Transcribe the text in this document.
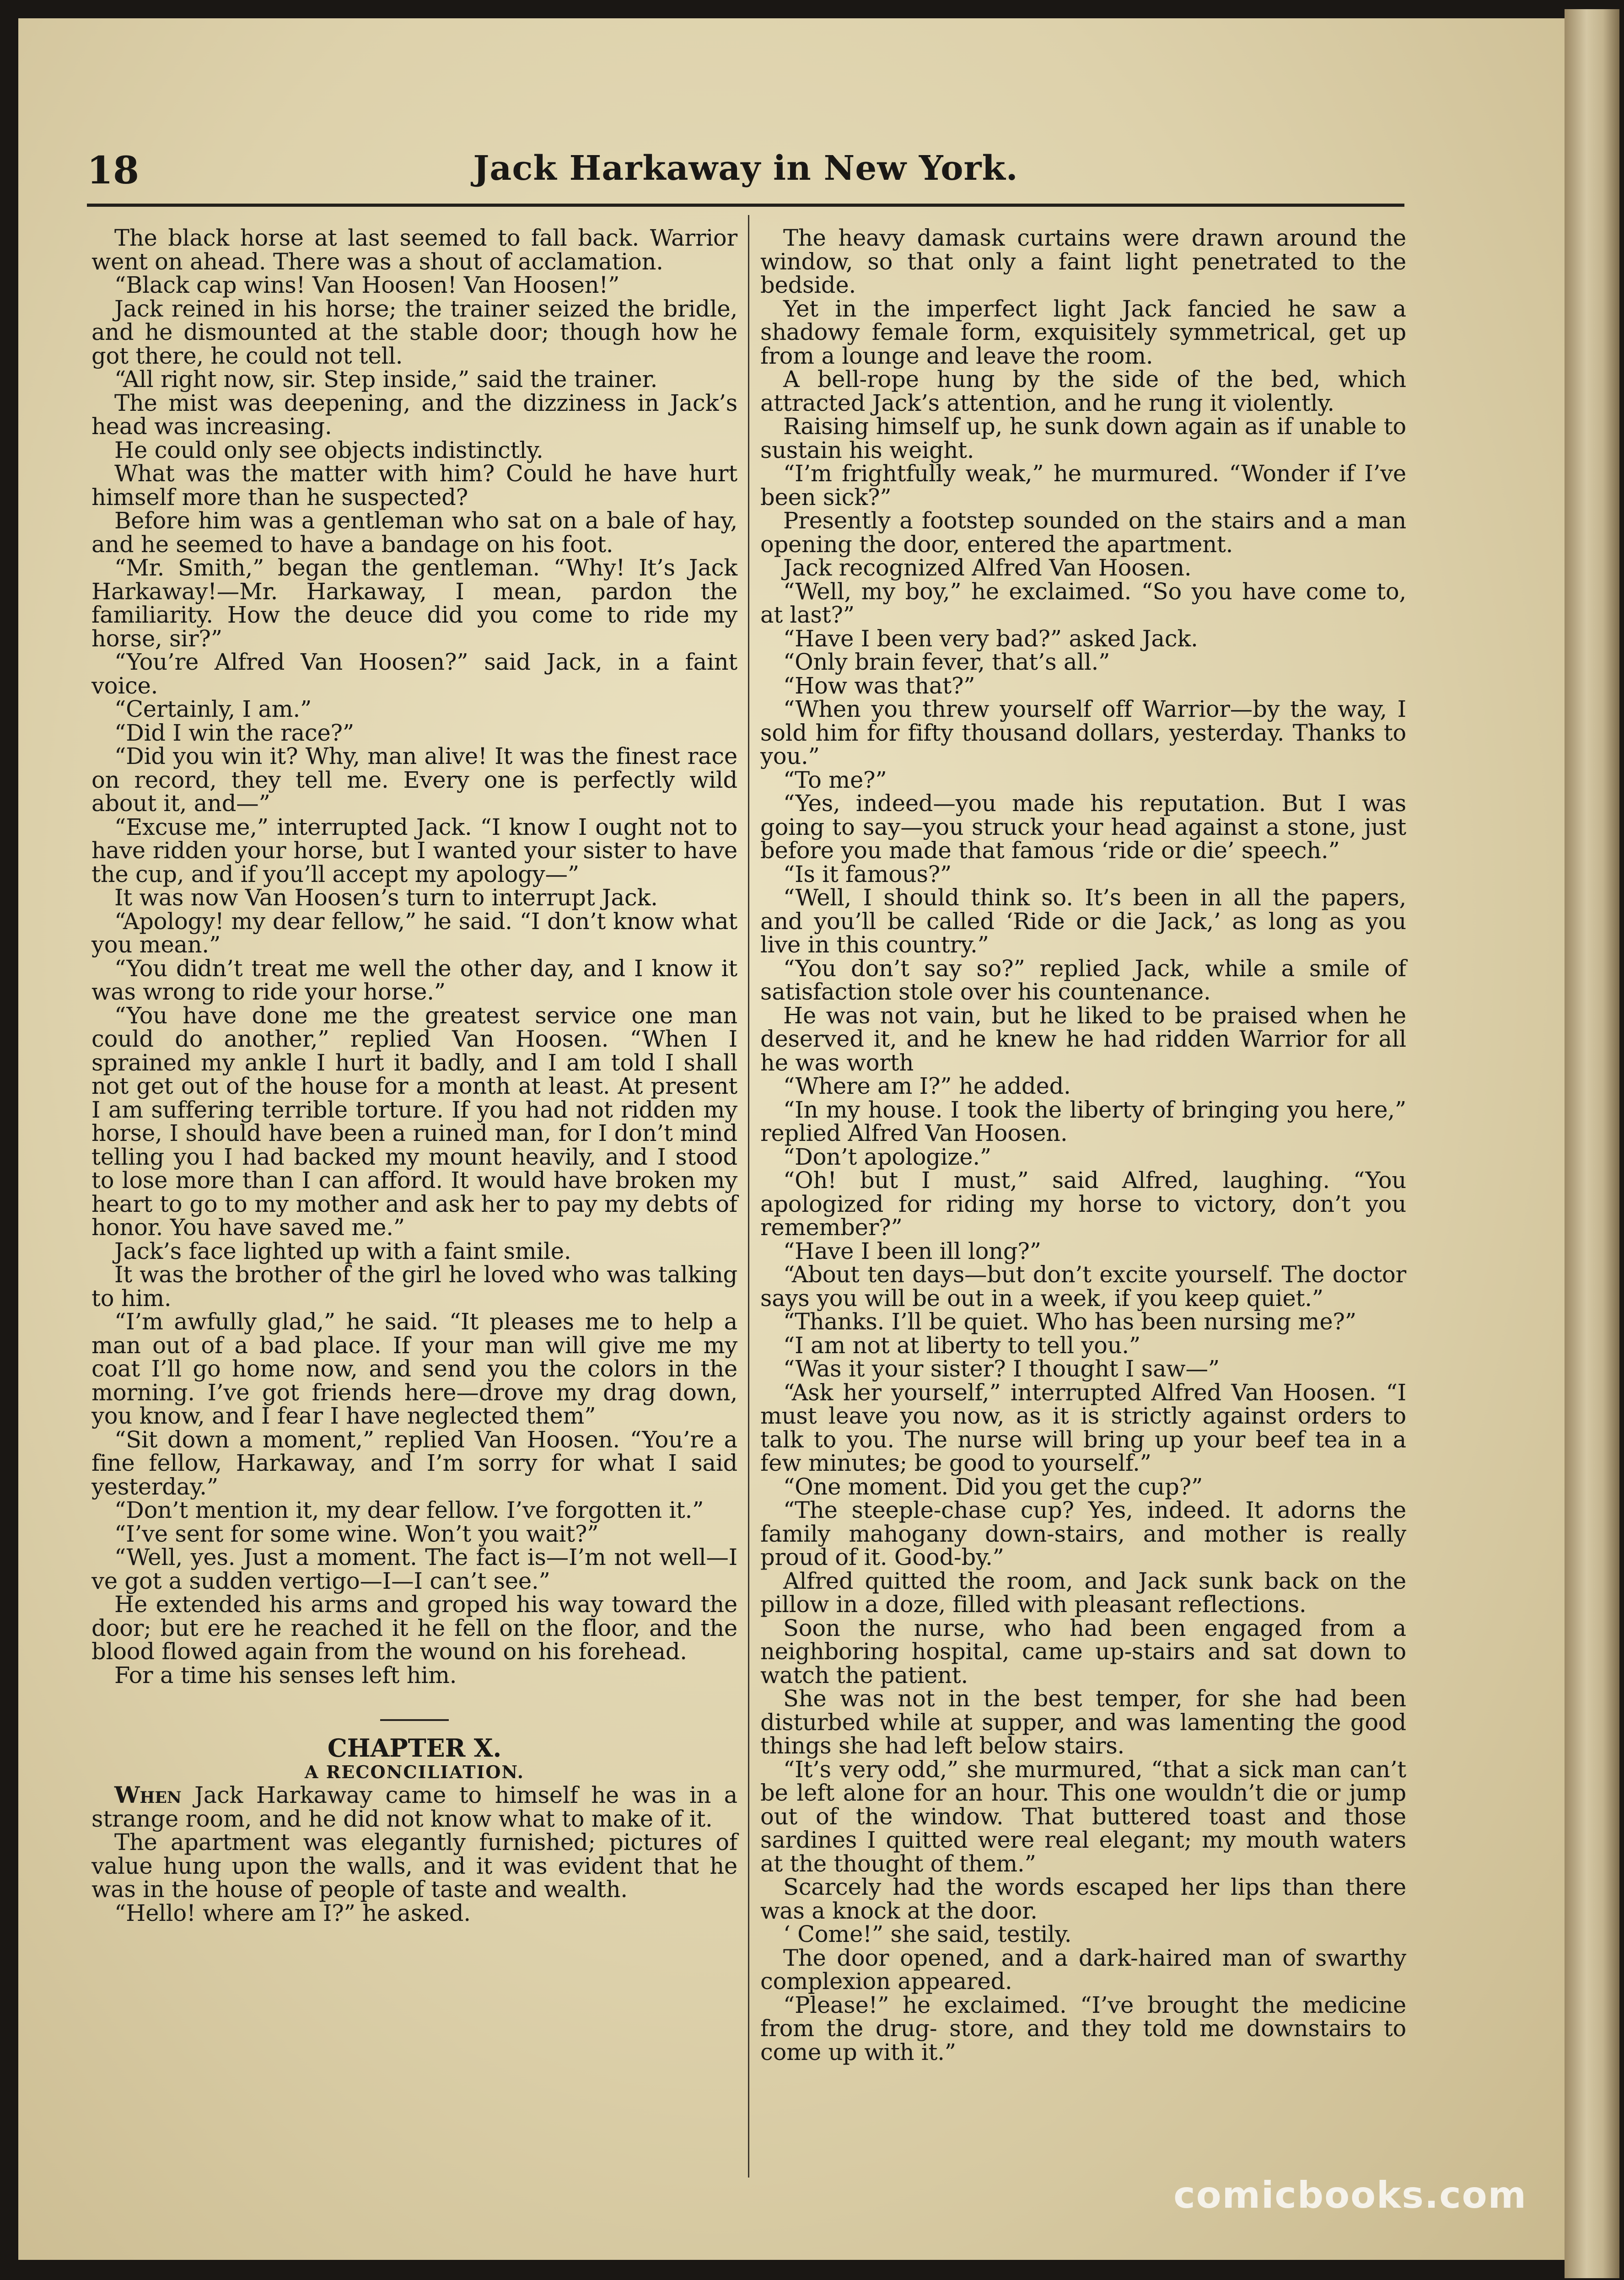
18	Jack Harkaway in New York.

The black horse at last seemed to fall back. Warrior went on ahead. There was a shout of acclamation.

“Black cap wins! Van Hoosen! Van Hoosen!”

Jack reined in his horse; the trainer seized the bridle, and he dismounted at the stable door; though how he got there, he could not tell.

“All right now, sir. Step inside,” said the trainer.

The mist was deepening, and the dizziness in Jack’s head was increasing.

He could only see objects indistinctly.

What was the matter with him? Could he have hurt himself more than he suspected?

Before him was a gentleman who sat on a bale of hay, and he seemed to have a bandage on his foot.

“Mr. Smith,” began the gentleman. “Why! It’s Jack Harkaway!—Mr. Harkaway, I mean, pardon the familiarity. How the deuce did you come to ride my horse, sir?”

“You’re Alfred Van Hoosen?” said Jack, in a faint voice.

“Certainly, I am.”

“Did I win the race?”

“Did you win it? Why, man alive! It was the finest race on record, they tell me. Every one is perfectly wild about it, and—”

“Excuse me,” interrupted Jack. “I know I ought not to have ridden your horse, but I wanted your sister to have the cup, and if you’ll accept my apology—”

It was now Van Hoosen’s turn to interrupt Jack.

“Apology! my dear fellow,” he said. “I don’t know what you mean.”

“You didn’t treat me well the other day, and I know it was wrong to ride your horse.”

“You have done me the greatest service one man could do another,” replied Van Hoosen. “When I sprained my ankle I hurt it badly, and I am told I shall not get out of the house for a month at least. At present I am suffering terrible torture. If you had not ridden my horse, I should have been a ruined man, for I don’t mind telling you I had backed my mount heavily, and I stood to lose more than I can afford. It would have broken my heart to go to my mother and ask her to pay my debts of honor. You have saved me.”

Jack’s face lighted up with a faint smile.

It was the brother of the girl he loved who was talking to him.

“I’m awfully glad,” he said. “It pleases me to help a man out of a bad place. If your man will give me my coat I’ll go home now, and send you the colors in the morning. I’ve got friends here—drove my drag down, you know, and I fear I have neglected them”

“Sit down a moment,” replied Van Hoosen. “You’re a fine fellow, Harkaway, and I’m sorry for what I said yesterday.”

“Don’t mention it, my dear fellow. I’ve forgotten it.”

“I’ve sent for some wine. Won’t you wait?”

“Well, yes. Just a moment. The fact is—I’m not well—I ve got a sudden vertigo—I—I can’t see.”

He extended his arms and groped his way toward the door; but ere he reached it he fell on the floor, and the blood flowed again from the wound on his forehead.

For a time his senses left him.

CHAPTER X.

A RECONCILIATION.

When Jack Harkaway came to himself he was in a strange room, and he did not know what to make of it.

The apartment was elegantly furnished; pictures of value hung upon the walls, and it was evident that he was in the house of people of taste and wealth.

“Hello! where am I?” he asked.

The heavy damask curtains were drawn around the window, so that only a faint light penetrated to the bedside.

Yet in the imperfect light Jack fancied he saw a shadowy female form, exquisitely symmetrical, get up from a lounge and leave the room.

A bell-rope hung by the side of the bed, which attracted Jack’s attention, and he rung it violently.

Raising himself up, he sunk down again as if unable to sustain his weight.

“I’m frightfully weak,” he murmured. “Wonder if I’ve been sick?”

Presently a footstep sounded on the stairs and a man opening the door, entered the apartment.

Jack recognized Alfred Van Hoosen.

“Well, my boy,” he exclaimed. “So you have come to, at last?”

“Have I been very bad?” asked Jack.

“Only brain fever, that’s all.”

“How was that?”

“When you threw yourself off Warrior—by the way, I sold him for fifty thousand dollars, yesterday. Thanks to you.”

“To me?”

“Yes, indeed—you made his reputation. But I was going to say—you struck your head against a stone, just before you made that famous ‘ride or die’ speech.”

“Is it famous?”

“Well, I should think so. It’s been in all the papers, and you’ll be called ‘Ride or die Jack,’ as long as you live in this country.”

“You don’t say so?” replied Jack, while a smile of satisfaction stole over his countenance.

He was not vain, but he liked to be praised when he deserved it, and he knew he had ridden Warrior for all he was worth

“Where am I?” he added.

“In my house. I took the liberty of bringing you here,” replied Alfred Van Hoosen.

“Don’t apologize.”

“Oh! but I must,” said Alfred, laughing. “You apologized for riding my horse to victory, don’t you remember?”

“Have I been ill long?”

“About ten days—but don’t excite yourself. The doctor says you will be out in a week, if you keep quiet.”

“Thanks. I’ll be quiet. Who has been nursing me?”

“I am not at liberty to tell you.”

“Was it your sister? I thought I saw—”

“Ask her yourself,” interrupted Alfred Van Hoosen. “I must leave you now, as it is strictly against orders to talk to you. The nurse will bring up your beef tea in a few minutes; be good to yourself.”

“One moment. Did you get the cup?”

“The steeple-chase cup? Yes, indeed. It adorns the family mahogany down-stairs, and mother is really proud of it. Good-by.”

Alfred quitted the room, and Jack sunk back on the pillow in a doze, filled with pleasant reflections.

Soon the nurse, who had been engaged from a neighboring hospital, came up-stairs and sat down to watch the patient.

She was not in the best temper, for she had been disturbed while at supper, and was lamenting the good things she had left below stairs.

“It’s very odd,” she murmured, “that a sick man can’t be left alone for an hour. This one wouldn’t die or jump out of the window. That buttered toast and those sardines I quitted were real elegant; my mouth waters at the thought of them.”

Scarcely had the words escaped her lips than there was a knock at the door.

‘ Come!” she said, testily.

The door opened, and a dark-haired man of swarthy complexion appeared.

“Please!” he exclaimed. “I’ve brought the medicine from the drug- store, and they told me downstairs to come up with it.”

comicbooks.com
